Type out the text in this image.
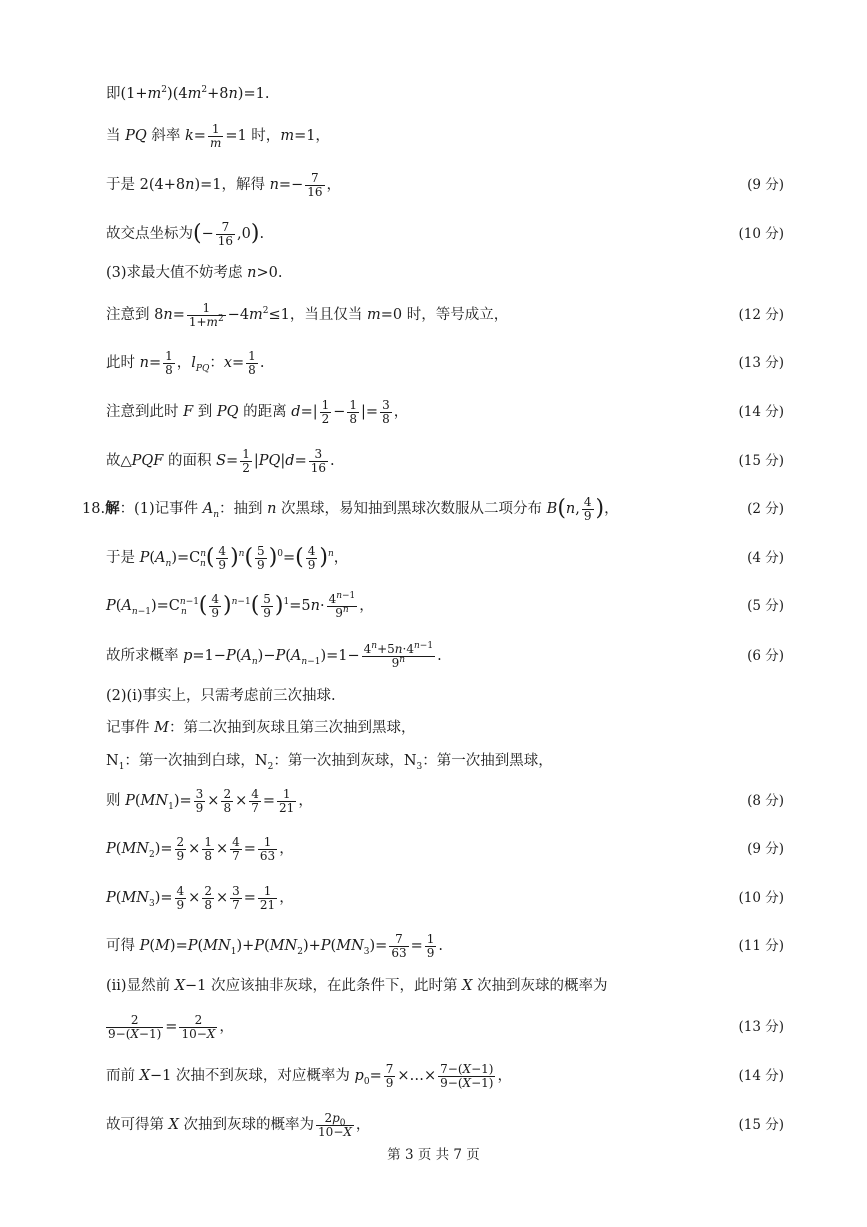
即$(1+m^2)(4m^2+8n)=1$.
当 PQ 斜率 $k= \frac{1}{m} =1$ 时，m=1，
于是 2(4+8n)=1，解得 $n=- \frac{7}{16}$ ，	(9 分)
故交点坐标为(− $\frac{7}{16} ,0$).	(10 分)
(3)求最大值不妨考虑 n>0.
注意到 $8n= \frac{1}{1+m^2} -4m^2\le 1$，当且仅当 m=0 时，等号成立，	(12 分)
此时 $n= \frac{1}{8}$ ，$l_{PQ}$：$x= \frac{1}{8}$ .	(13 分)
注意到此时 F 到 PQ 的距离 $d=| \frac{1}{2} - \frac{1}{8}$ |= $\frac{3}{8}$ ，	(14 分)
故△PQF 的面积 $S= \frac{1}{2} |PQ|d= \frac{3}{16}$ .	(15 分)
18.解：(1)记事件 $A_n$：抽到 n 次黑球，易知抽到黑球次数服从二项分布 B(n, $\frac{4}{9}$ )，	(2 分)
于是 $P(A_n)=C^n_n( \frac{4}{9} )^n( \frac{5}{9} )^0=( \frac{4}{9} )^n$，	(4 分)
$P(A_{n-1})=C^{n-1}_n$ ( $\frac{4}{9} )^{n-1}( \frac{5}{9} )^1=5n\cdot \frac{4^{n-1}}{9^n}$ ，	(5 分)
故所求概率 $p=1-P(A_n)-P(A_{n-1})=1- \frac{4^n+5n\cdot 4^{n-1}}{9^n}$ .	(6 分)
(2)(ⅰ)事实上，只需考虑前三次抽球.
记事件 M：第二次抽到灰球且第三次抽到黑球，
$N_1$：第一次抽到白球，$N_2$：第一次抽到灰球，$N_3$：第一次抽到黑球，
则 $P(MN_1)= \frac{3}{9} \times \frac{2}{8} \times \frac{4}{7} = \frac{1}{21}$ ，	(8 分)
$P(MN_2)= \frac{2}{9} \times \frac{1}{8} \times \frac{4}{7} = \frac{1}{63}$ ，	(9 分)
$P(MN_3)= \frac{4}{9} \times \frac{2}{8} \times \frac{3}{7} = \frac{1}{21}$ ，	(10 分)
可得 $P(M)=P(MN_1)+P(MN_2)+P(MN_3)= \frac{7}{63} = \frac{1}{9}$ .	(11 分)
(ⅱ)显然前 X−1 次应该抽非灰球，在此条件下，此时第 X 次抽到灰球的概率为
$\frac{2}{9-(X-1)} = \frac{2}{10-X}$ ，	(13 分)
而前 X−1 次抽不到灰球，对应概率为 $p_0= \frac{7}{9}$ ×…× $\frac{7-(X-1)}{9-(X-1)}$ ，	(14 分)
故可得第 X 次抽到灰球的概率为 $\frac{2p_0}{10-X}$ ，	(15 分)
第 3 页 共 7 页
